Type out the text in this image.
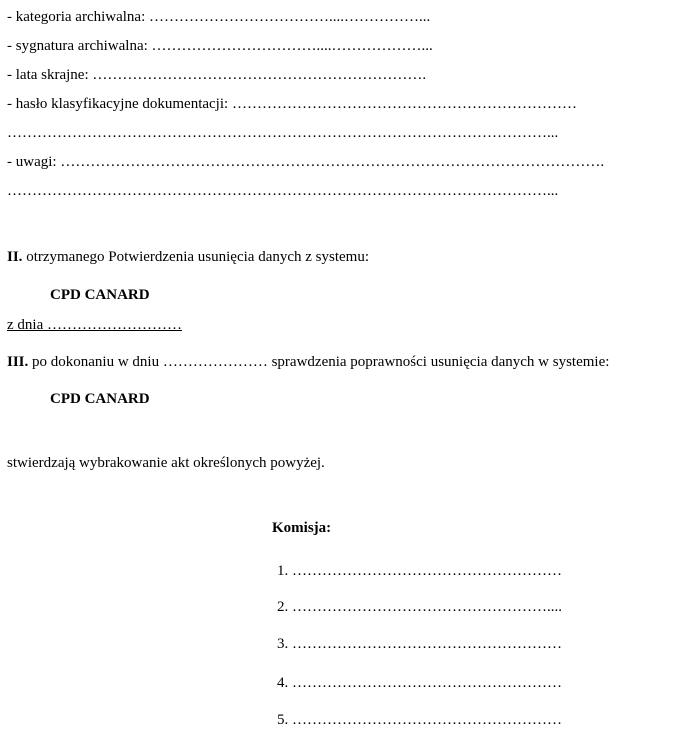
- kategoria archiwalna: ………………………………....……………...
- sygnatura archiwalna: ……………………………....………………...
- lata skrajne: ………………………………………………………….
- hasło klasyfikacyjne dokumentacji: ……………………………………………………………
………………………………………………………………………………………………...
- uwagi: ……………………………………………………………………………………………….
………………………………………………………………………………………………...
II. otrzymanego Potwierdzenia usunięcia danych z systemu:
CPD CANARD
z dnia ………………………
III. po dokonaniu w dniu ………………… sprawdzenia poprawności usunięcia danych w systemie:
CPD CANARD
stwierdzają wybrakowanie akt określonych powyżej.
Komisja:
1. ………………………………………………
2. ……………………………………………....
3. ………………………………………………
4. ………………………………………………
5. ………………………………………………
